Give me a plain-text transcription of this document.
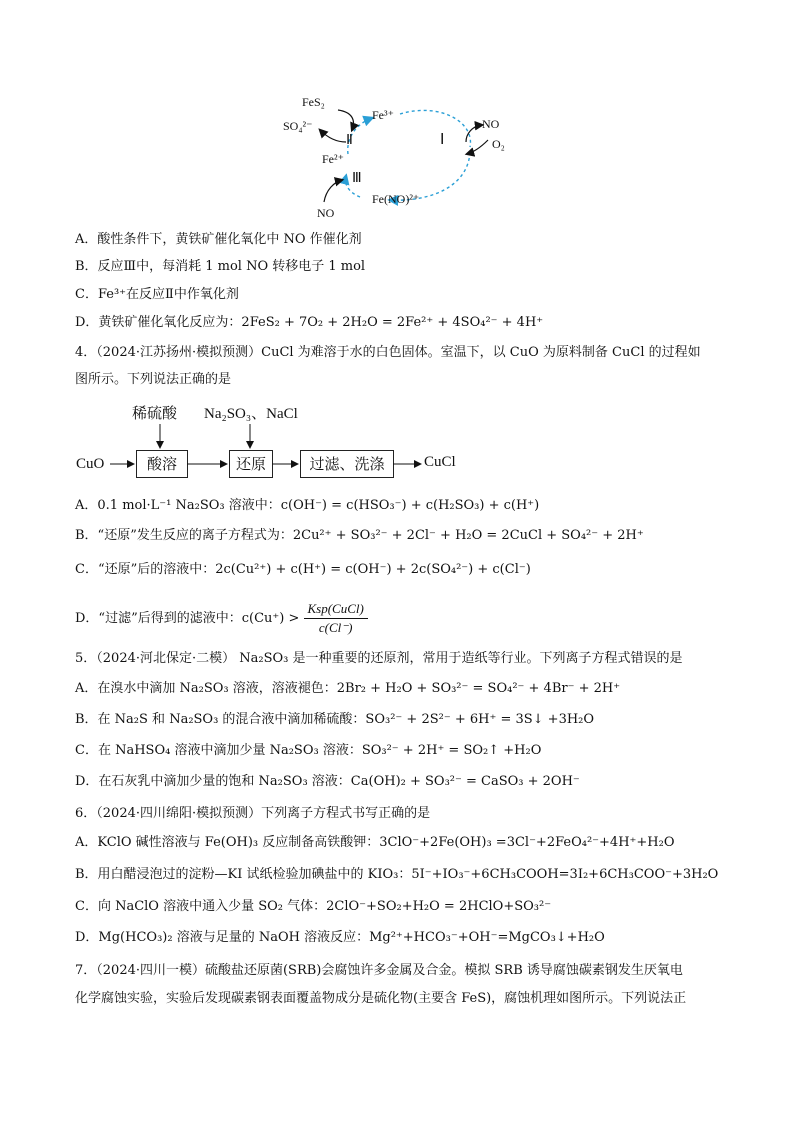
FeS₂
SO₄²⁻
Fe³⁺
Ⅱ	Ⅰ
NO
O₂
Fe²⁺
Ⅲ
Fe(NO)²⁺
NO
A．酸性条件下，黄铁矿催化氧化中 NO 作催化剂
B．反应Ⅲ中，每消耗 1 mol NO 转移电子 1 mol
C．Fe³⁺在反应Ⅱ中作氧化剂
D．黄铁矿催化氧化反应为：2FeS₂ + 7O₂ + 2H₂O = 2Fe²⁺ + 4SO₄²⁻ + 4H⁺
4．（2024·江苏扬州·模拟预测）CuCl 为难溶于水的白色固体。室温下，以 CuO 为原料制备 CuCl 的过程如
图所示。下列说法正确的是
稀硫酸 Na₂SO₃、NaCl
CuO	酸溶	还原	过滤、洗涤	CuCl
A．0.1 mol·L⁻¹ Na₂SO₃ 溶液中：c(OH⁻) = c(HSO₃⁻) + c(H₂SO₃) + c(H⁺)
B．“还原”发生反应的离子方程式为：2Cu²⁺ + SO₃²⁻ + 2Cl⁻ + H₂O = 2CuCl + SO₄²⁻ + 2H⁺
C．“还原”后的溶液中：2c(Cu²⁺) + c(H⁺) = c(OH⁻) + 2c(SO₄²⁻) + c(Cl⁻)
D．“过滤”后得到的滤液中：$c(Cu^+) > \frac{\text{Ksp(CuCl)}}{c(Cl^-)}$
5．（2024·河北保定·二模） Na₂SO₃ 是一种重要的还原剂，常用于造纸等行业。下列离子方程式错误的是
A．在溴水中滴加 Na₂SO₃ 溶液，溶液褪色：2Br₂ + H₂O + SO₃²⁻ = SO₄²⁻ + 4Br⁻ + 2H⁺
B．在 Na₂S 和 Na₂SO₃ 的混合液中滴加稀硫酸：SO₃²⁻ + 2S²⁻ + 6H⁺ = 3S↓ +3H₂O
C．在 NaHSO₄ 溶液中滴加少量 Na₂SO₃ 溶液：SO₃²⁻ + 2H⁺ = SO₂↑ +H₂O
D．在石灰乳中滴加少量的饱和 Na₂SO₃ 溶液：Ca(OH)₂ + SO₃²⁻ = CaSO₃ + 2OH⁻
6．（2024·四川绵阳·模拟预测）下列离子方程式书写正确的是
A．KClO 碱性溶液与 Fe(OH)₃ 反应制备高铁酸钾：3ClO⁻+2Fe(OH)₃ =3Cl⁻+2FeO₄²⁻+4H⁺+H₂O
B．用白醋浸泡过的淀粉—KI 试纸检验加碘盐中的 KIO₃：5I⁻+IO₃⁻+6CH₃COOH=3I₂+6CH₃COO⁻+3H₂O
C．向 NaClO 溶液中通入少量 SO₂ 气体：2ClO⁻+SO₂+H₂O = 2HClO+SO₃²⁻
D．Mg(HCO₃)₂ 溶液与足量的 NaOH 溶液反应：Mg²⁺+HCO₃⁻+OH⁻=MgCO₃↓+H₂O
7．（2024·四川一模）硫酸盐还原菌(SRB)会腐蚀许多金属及合金。模拟 SRB 诱导腐蚀碳素钢发生厌氧电
化学腐蚀实验，实验后发现碳素钢表面覆盖物成分是硫化物(主要含 FeS)，腐蚀机理如图所示。下列说法正
